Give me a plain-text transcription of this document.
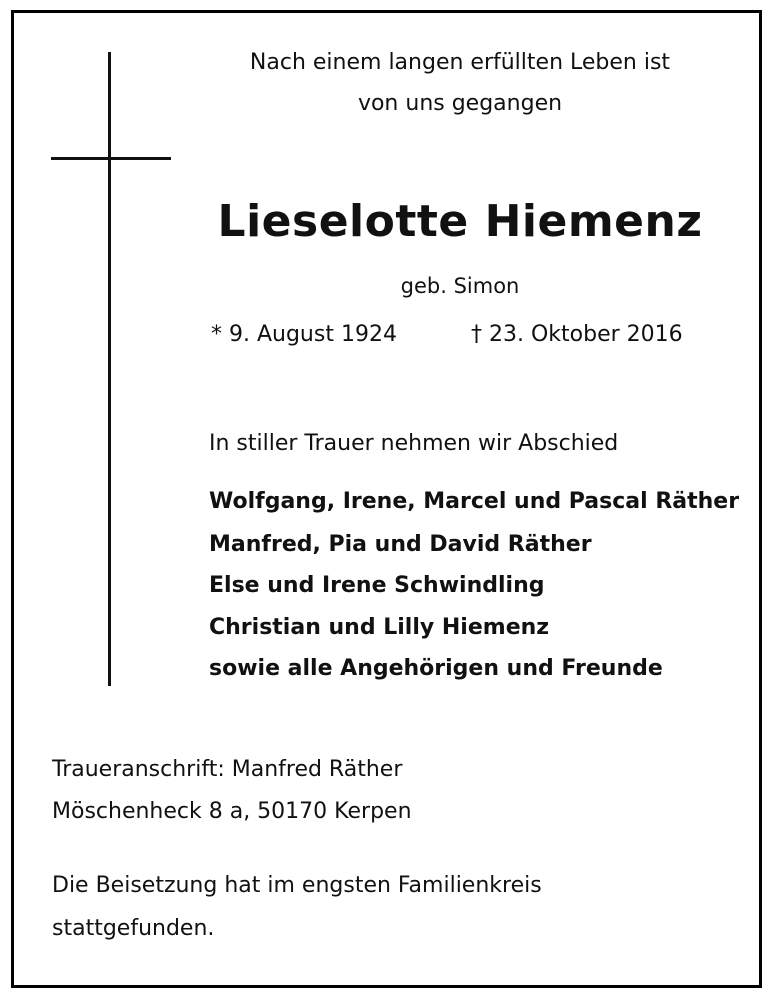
Nach einem langen erfüllten Leben ist
von uns gegangen
Lieselotte Hiemenz
geb. Simon
* 9. August 1924	† 23. Oktober 2016
In stiller Trauer nehmen wir Abschied
Wolfgang, Irene, Marcel und Pascal Räther
Manfred, Pia und David Räther
Else und Irene Schwindling
Christian und Lilly Hiemenz
sowie alle Angehörigen und Freunde
Traueranschrift: Manfred Räther
Möschenheck 8 a, 50170 Kerpen
Die Beisetzung hat im engsten Familienkreis
stattgefunden.
